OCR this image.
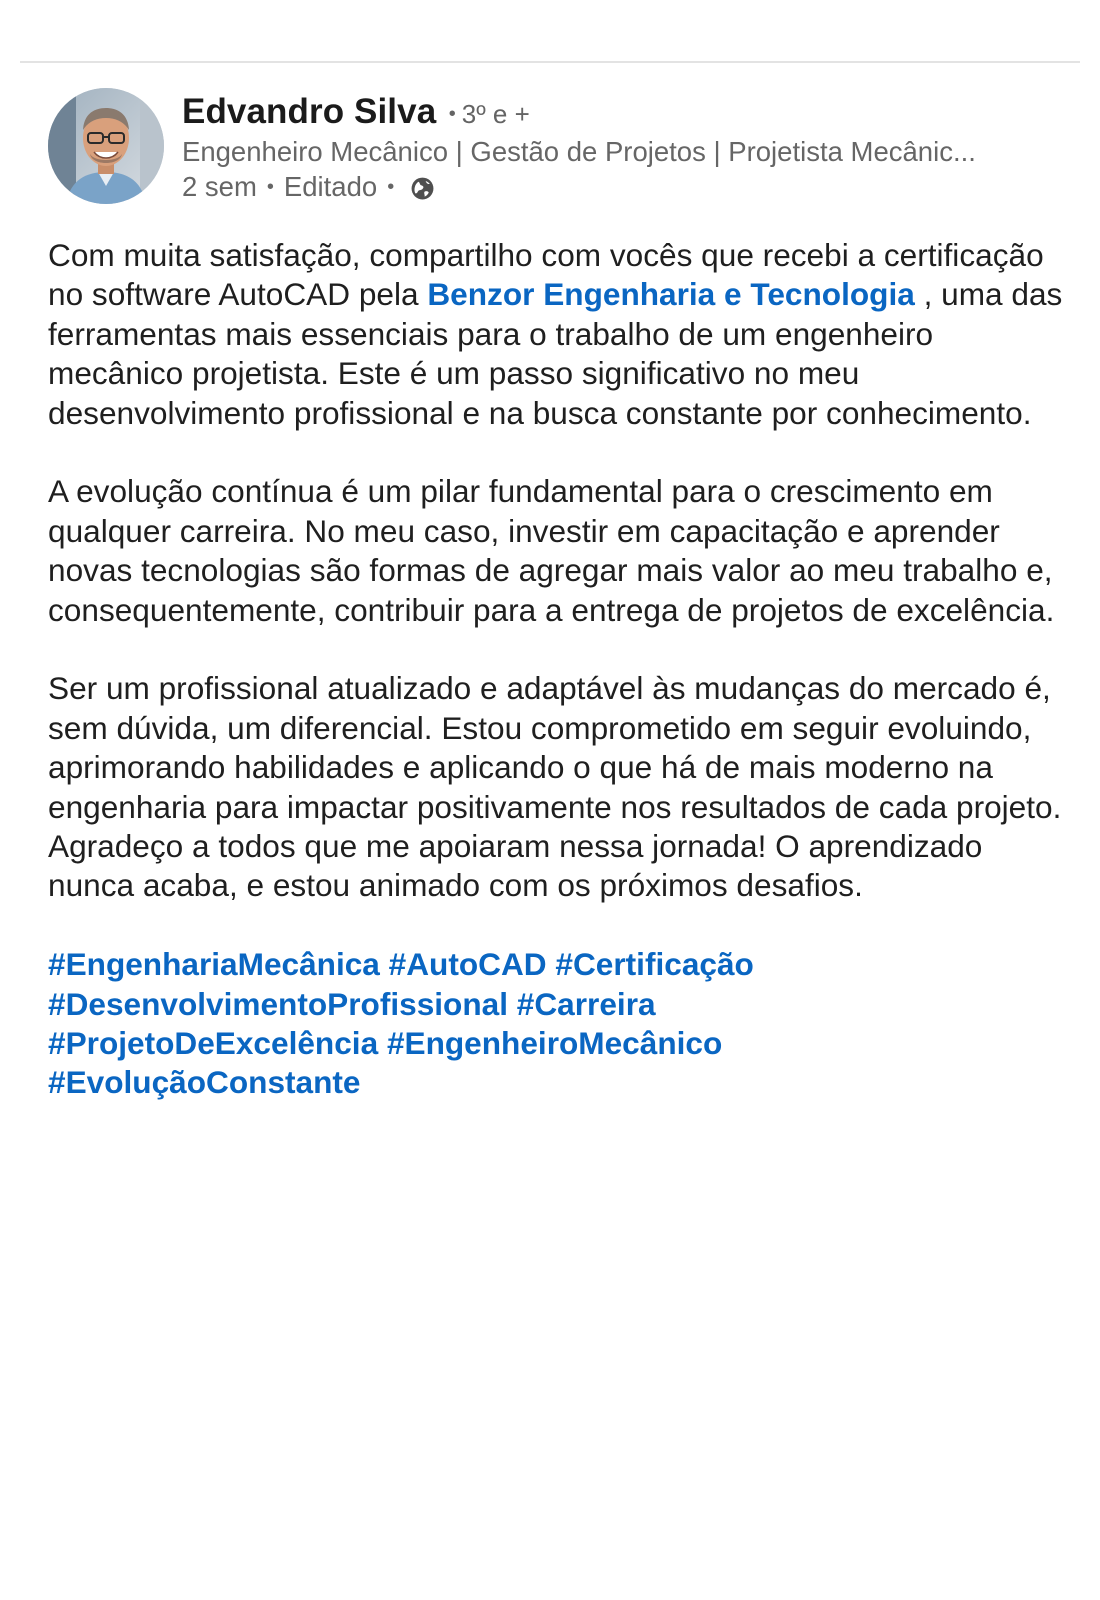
Edvandro Silva • 3º e +
Engenheiro Mecânico | Gestão de Projetos | Projetista Mecânic...
2 sem • Editado •

Com muita satisfação, compartilho com vocês que recebi a certificação no software AutoCAD pela Benzor Engenharia e Tecnologia , uma das ferramentas mais essenciais para o trabalho de um engenheiro mecânico projetista. Este é um passo significativo no meu desenvolvimento profissional e na busca constante por conhecimento.

A evolução contínua é um pilar fundamental para o crescimento em qualquer carreira. No meu caso, investir em capacitação e aprender novas tecnologias são formas de agregar mais valor ao meu trabalho e, consequentemente, contribuir para a entrega de projetos de excelência.

Ser um profissional atualizado e adaptável às mudanças do mercado é, sem dúvida, um diferencial. Estou comprometido em seguir evoluindo, aprimorando habilidades e aplicando o que há de mais moderno na engenharia para impactar positivamente nos resultados de cada projeto.

Agradeço a todos que me apoiaram nessa jornada! O aprendizado nunca acaba, e estou animado com os próximos desafios.

#EngenhariaMecânica #AutoCAD #Certificação
#DesenvolvimentoProfissional #Carreira
#ProjetoDeExcelência #EngenheiroMecânico
#EvoluçãoConstante
